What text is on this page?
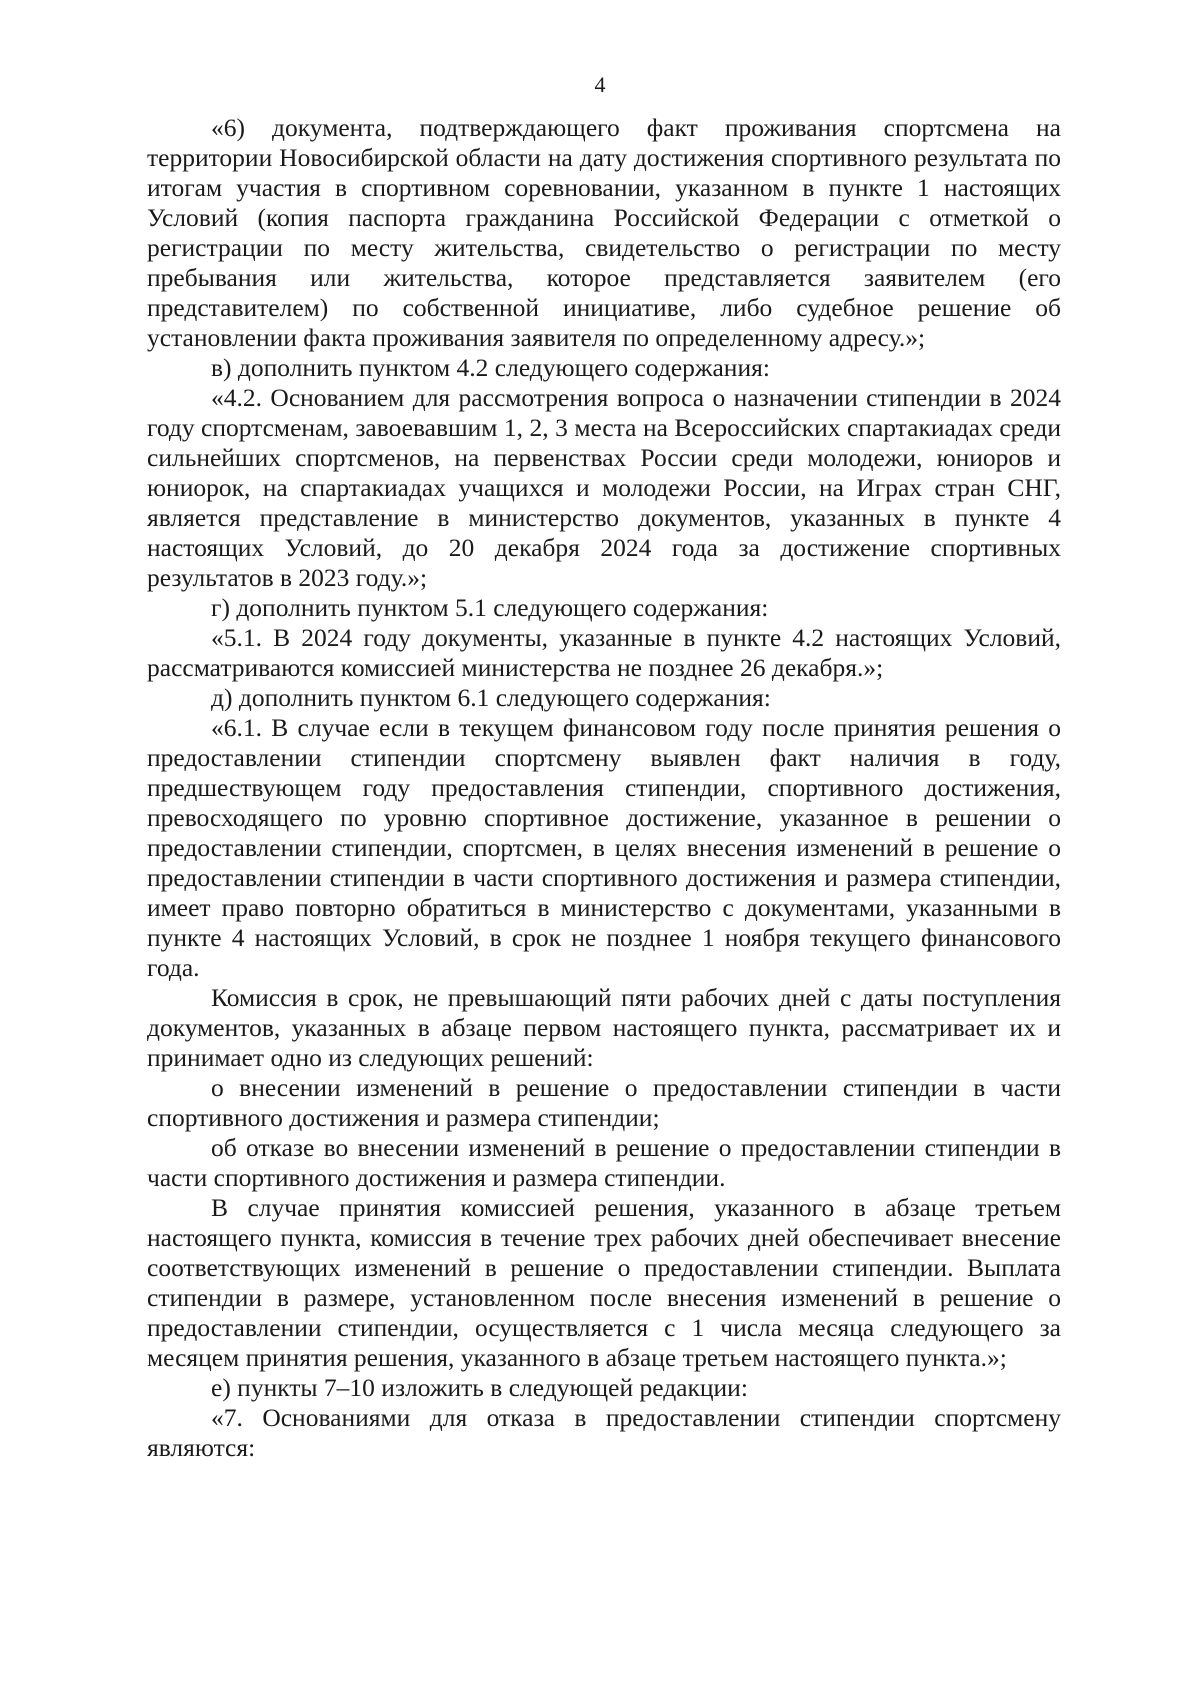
4

«6) документа, подтверждающего факт проживания спортсмена на территории Новосибирской области на дату достижения спортивного результата по итогам участия в спортивном соревновании, указанном в пункте 1 настоящих Условий (копия паспорта гражданина Российской Федерации с отметкой о регистрации по месту жительства, свидетельство о регистрации по месту пребывания или жительства, которое представляется заявителем (его представителем) по собственной инициативе, либо судебное решение об установлении факта проживания заявителя по определенному адресу.»;

в) дополнить пунктом 4.2 следующего содержания:

«4.2. Основанием для рассмотрения вопроса о назначении стипендии в 2024 году спортсменам, завоевавшим 1, 2, 3 места на Всероссийских спартакиадах среди сильнейших спортсменов, на первенствах России среди молодежи, юниоров и юниорок, на спартакиадах учащихся и молодежи России, на Играх стран СНГ, является представление в министерство документов, указанных в пункте 4 настоящих Условий, до 20 декабря 2024 года за достижение спортивных результатов в 2023 году.»;

г) дополнить пунктом 5.1 следующего содержания:

«5.1. В 2024 году документы, указанные в пункте 4.2 настоящих Условий, рассматриваются комиссией министерства не позднее 26 декабря.»;

д) дополнить пунктом 6.1 следующего содержания:

«6.1. В случае если в текущем финансовом году после принятия решения о предоставлении стипендии спортсмену выявлен факт наличия в году, предшествующем году предоставления стипендии, спортивного достижения, превосходящего по уровню спортивное достижение, указанное в решении о предоставлении стипендии, спортсмен, в целях внесения изменений в решение о предоставлении стипендии в части спортивного достижения и размера стипендии, имеет право повторно обратиться в министерство с документами, указанными в пункте 4 настоящих Условий, в срок не позднее 1 ноября текущего финансового года.

Комиссия в срок, не превышающий пяти рабочих дней с даты поступления документов, указанных в абзаце первом настоящего пункта, рассматривает их и принимает одно из следующих решений:

о внесении изменений в решение о предоставлении стипендии в части спортивного достижения и размера стипендии;

об отказе во внесении изменений в решение о предоставлении стипендии в части спортивного достижения и размера стипендии.

В случае принятия комиссией решения, указанного в абзаце третьем настоящего пункта, комиссия в течение трех рабочих дней обеспечивает внесение соответствующих изменений в решение о предоставлении стипендии. Выплата стипендии в размере, установленном после внесения изменений в решение о предоставлении стипендии, осуществляется с 1 числа месяца следующего за месяцем принятия решения, указанного в абзаце третьем настоящего пункта.»;

е) пункты 7–10 изложить в следующей редакции:

«7. Основаниями для отказа в предоставлении стипендии спортсмену являются:
